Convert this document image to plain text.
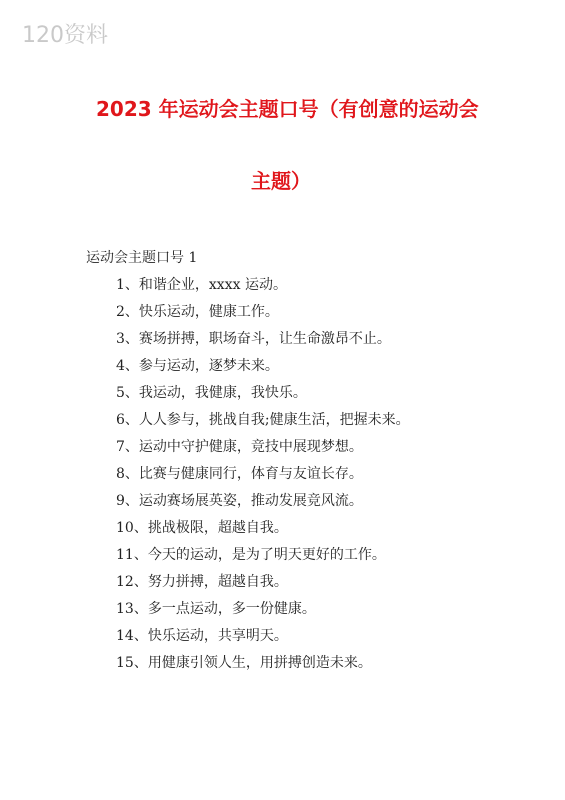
120资料
2023 年运动会主题口号（有创意的运动会
主题）
运动会主题口号 1
1、和谐企业，xxxx 运动。
2、快乐运动，健康工作。
3、赛场拼搏，职场奋斗，让生命激昂不止。
4、参与运动，逐梦未来。
5、我运动，我健康，我快乐。
6、人人参与，挑战自我;健康生活，把握未来。
7、运动中守护健康，竞技中展现梦想。
8、比赛与健康同行，体育与友谊长存。
9、运动赛场展英姿，推动发展竞风流。
10、挑战极限，超越自我。
11、今天的运动，是为了明天更好的工作。
12、努力拼搏，超越自我。
13、多一点运动，多一份健康。
14、快乐运动，共享明天。
15、用健康引领人生，用拼搏创造未来。
